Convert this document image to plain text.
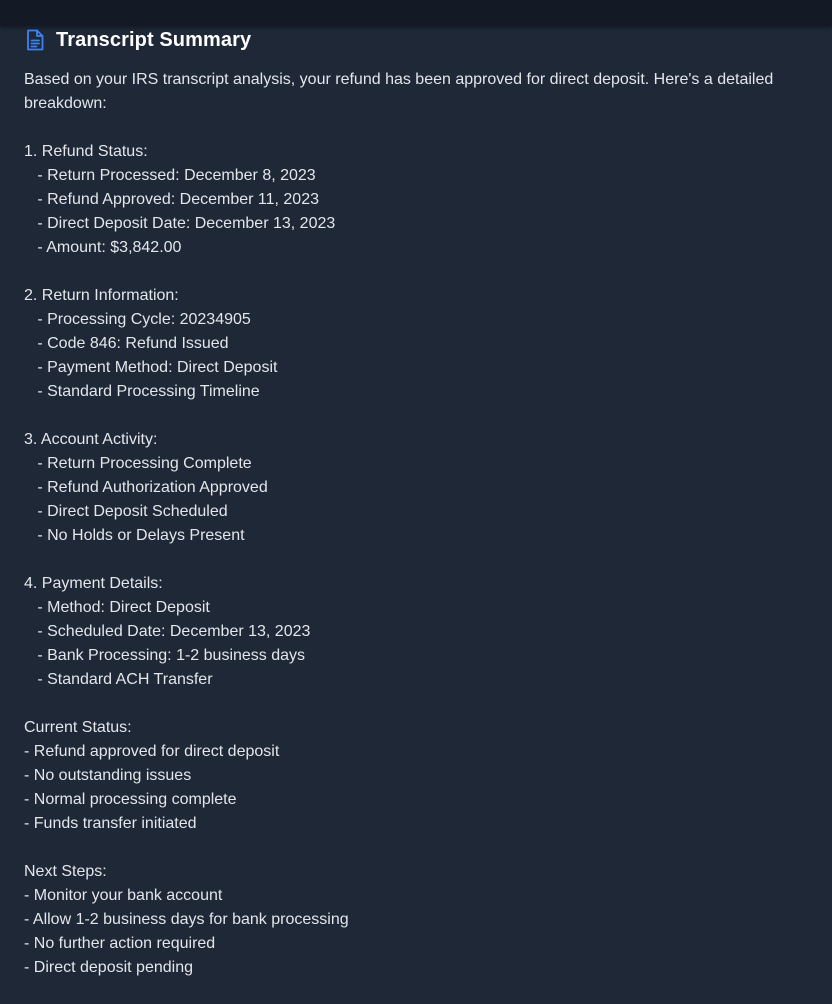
Transcript Summary

Based on your IRS transcript analysis, your refund has been approved for direct deposit. Here's a detailed breakdown:

1. Refund Status:
- Return Processed: December 8, 2023
- Refund Approved: December 11, 2023
- Direct Deposit Date: December 13, 2023
- Amount: $3,842.00

2. Return Information:
- Processing Cycle: 20234905
- Code 846: Refund Issued
- Payment Method: Direct Deposit
- Standard Processing Timeline

3. Account Activity:
- Return Processing Complete
- Refund Authorization Approved
- Direct Deposit Scheduled
- No Holds or Delays Present

4. Payment Details:
- Method: Direct Deposit
- Scheduled Date: December 13, 2023
- Bank Processing: 1-2 business days
- Standard ACH Transfer

Current Status:
- Refund approved for direct deposit
- No outstanding issues
- Normal processing complete
- Funds transfer initiated

Next Steps:
- Monitor your bank account
- Allow 1-2 business days for bank processing
- No further action required
- Direct deposit pending
